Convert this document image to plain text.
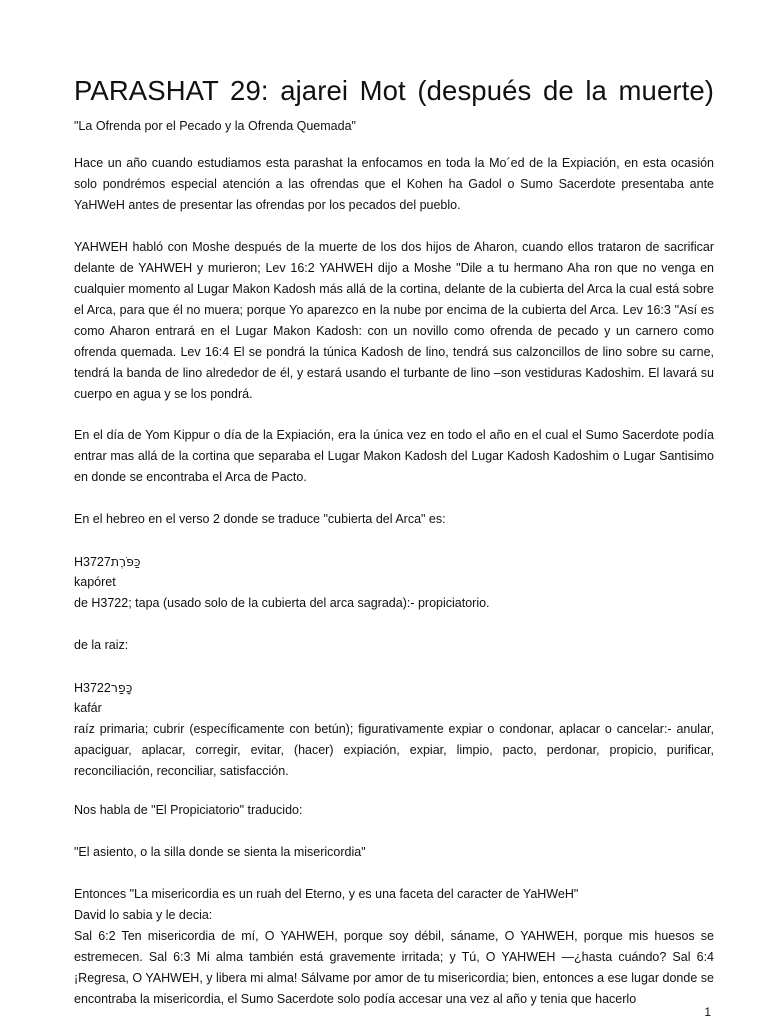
PARASHAT 29: ajarei Mot (después de la muerte)
"La Ofrenda por el Pecado y la Ofrenda Quemada"
Hace un año cuando estudiamos esta parashat la enfocamos en toda la Mo´ed de la Expiación, en esta ocasión solo pondrémos especial atención a las ofrendas que el Kohen ha Gadol o Sumo Sacerdote presentaba ante YaHWeH antes de presentar las ofrendas por los pecados del pueblo.
YAHWEH habló con Moshe después de la muerte de los dos hijos de Aharon, cuando ellos trataron de sacrificar delante de YAHWEH y murieron; Lev 16:2 YAHWEH dijo a Moshe "Dile a tu hermano Aha ron que no venga en cualquier momento al Lugar Makon Kadosh más allá de la cortina, delante de la cubierta del Arca la cual está sobre el Arca, para que él no muera; porque Yo aparezco en la nube por encima de la cubierta del Arca. Lev 16:3 "Así es como Aharon entrará en el Lugar Makon Kadosh: con un novillo como ofrenda de pecado y un carnero como ofrenda quemada. Lev 16:4 El se pondrá la túnica Kadosh de lino, tendrá sus calzoncillos de lino sobre su carne, tendrá la banda de lino alrededor de él, y estará usando el turbante de lino –son vestiduras Kadoshim. El lavará su cuerpo en agua y se los pondrá.
En el día de Yom Kippur o día de la Expiación, era la única vez en todo el año en el cual el Sumo Sacerdote podía entrar mas allá de la cortina que separaba el Lugar Makon Kadosh del Lugar Kadosh Kadoshim o Lugar Santisimo en donde se encontraba el Arca de Pacto.
En el hebreo en el verso 2 donde se traduce "cubierta del Arca" es:
H3727כַּפֹּרֶת
kapóret
de H3722; tapa (usado solo de la cubierta del arca sagrada):- propiciatorio.
de la raiz:
H3722כָּפַר
kafár
raíz primaria; cubrir (específicamente con betún); figurativamente expiar o condonar, aplacar o cancelar:- anular, apaciguar, aplacar, corregir, evitar, (hacer) expiación, expiar, limpio, pacto, perdonar, propicio, purificar, reconciliación, reconciliar, satisfacción.
Nos habla de "El Propiciatorio" traducido:
"El asiento, o la silla donde se sienta la misericordia"
Entonces "La misericordia es un ruah del Eterno, y es una faceta del caracter de YaHWeH"
David lo sabia y le decia:
Sal 6:2 Ten misericordia de mí, O YAHWEH, porque soy débil, sáname, O YAHWEH, porque mis huesos se estremecen. Sal 6:3 Mi alma también está gravemente irritada; y Tú, O YAHWEH —¿hasta cuándo? Sal 6:4 ¡Regresa, O YAHWEH, y libera mi alma! Sálvame por amor de tu misericordia; bien, entonces a ese lugar donde se encontraba la misericordia, el Sumo Sacerdote solo podía accesar una vez al año y tenia que hacerlo
1
